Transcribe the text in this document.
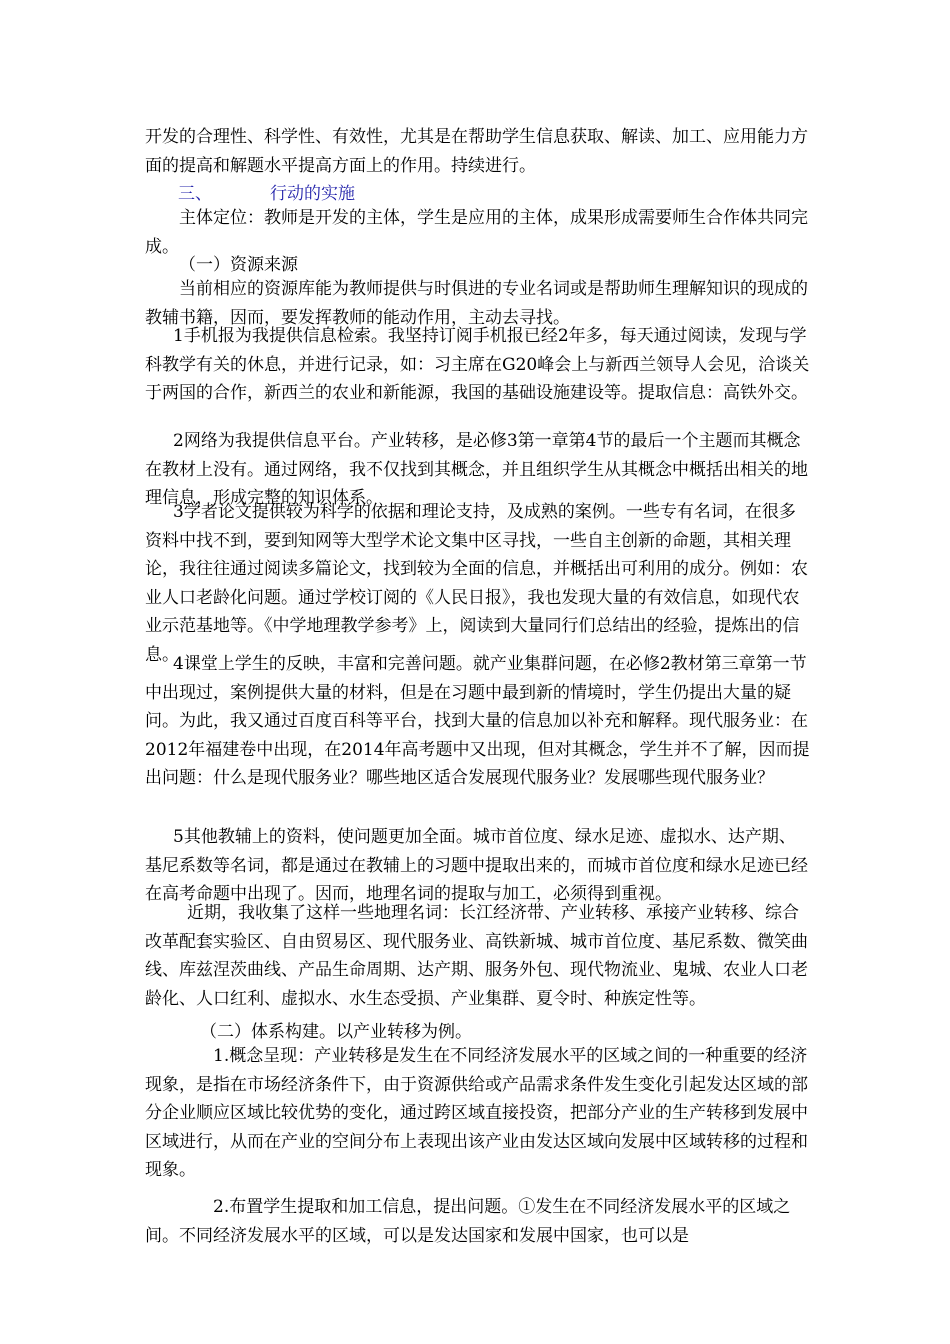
开发的合理性、科学性、有效性，尤其是在帮助学生信息获取、解读、加工、应用能力方面的提高和解题水平提高方面上的作用。持续进行。

三、	行动的实施

主体定位：教师是开发的主体，学生是应用的主体，成果形成需要师生合作体共同完成。

（一）资源来源

当前相应的资源库能为教师提供与时俱进的专业名词或是帮助师生理解知识的现成的教辅书籍，因而，要发挥教师的能动作用，主动去寻找。

1手机报为我提供信息检索。我坚持订阅手机报已经2年多，每天通过阅读，发现与学科教学有关的休息，并进行记录，如：习主席在G20峰会上与新西兰领导人会见，洽谈关于两国的合作，新西兰的农业和新能源，我国的基础设施建设等。提取信息：高铁外交。

2网络为我提供信息平台。产业转移，是必修3第一章第4节的最后一个主题而其概念在教材上没有。通过网络，我不仅找到其概念，并且组织学生从其概念中概括出相关的地理信息，形成完整的知识体系。

3学者论文提供较为科学的依据和理论支持，及成熟的案例。一些专有名词，在很多资料中找不到，要到知网等大型学术论文集中区寻找，一些自主创新的命题，其相关理论，我往往通过阅读多篇论文，找到较为全面的信息，并概括出可利用的成分。例如：农业人口老龄化问题。通过学校订阅的《人民日报》，我也发现大量的有效信息，如现代农业示范基地等。《中学地理教学参考》上，阅读到大量同行们总结出的经验，提炼出的信息。

4课堂上学生的反映，丰富和完善问题。就产业集群问题，在必修2教材第三章第一节中出现过，案例提供大量的材料，但是在习题中最到新的情境时，学生仍提出大量的疑问。为此，我又通过百度百科等平台，找到大量的信息加以补充和解释。现代服务业：在2012年福建卷中出现，在2014年高考题中又出现，但对其概念，学生并不了解，因而提出问题：什么是现代服务业？哪些地区适合发展现代服务业？发展哪些现代服务业？

5其他教辅上的资料，使问题更加全面。城市首位度、绿水足迹、虚拟水、达产期、基尼系数等名词，都是通过在教辅上的习题中提取出来的，而城市首位度和绿水足迹已经在高考命题中出现了。因而，地理名词的提取与加工，必须得到重视。

近期，我收集了这样一些地理名词：长江经济带、产业转移、承接产业转移、综合改革配套实验区、自由贸易区、现代服务业、高铁新城、城市首位度、基尼系数、微笑曲线、库兹涅茨曲线、产品生命周期、达产期、服务外包、现代物流业、鬼城、农业人口老龄化、人口红利、虚拟水、水生态受损、产业集群、夏令时、种族定性等。

（二）体系构建。以产业转移为例。

1.概念呈现：产业转移是发生在不同经济发展水平的区域之间的一种重要的经济现象，是指在市场经济条件下，由于资源供给或产品需求条件发生变化引起发达区域的部分企业顺应区域比较优势的变化，通过跨区域直接投资，把部分产业的生产转移到发展中区域进行，从而在产业的空间分布上表现出该产业由发达区域向发展中区域转移的过程和现象。

2.布置学生提取和加工信息，提出问题。①发生在不同经济发展水平的区域之间。不同经济发展水平的区域，可以是发达国家和发展中国家，也可以是
